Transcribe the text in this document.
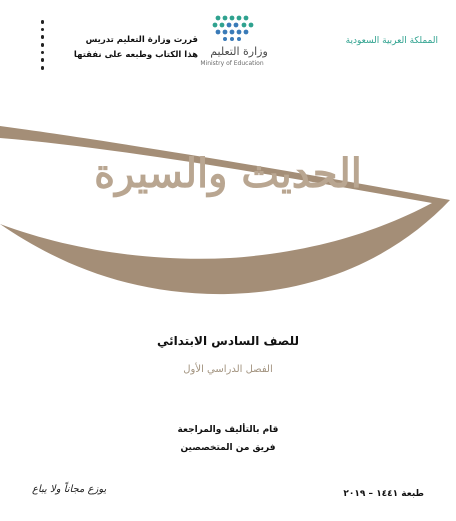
المملكة العربية السعودية
وزارة التعليم
Ministry of Education
قررت وزارة التعليم تدريس
هذا الكتاب وطبعه على نفقتها
الحديث والسيرة
للصف السادس الابتدائي
الفصل الدراسي الأول
قام بالتأليف والمراجعة
فريق من المتخصصين
طبعة ١٤٤١ – ٢٠١٩
يوزع مجاناً ولا يباع
